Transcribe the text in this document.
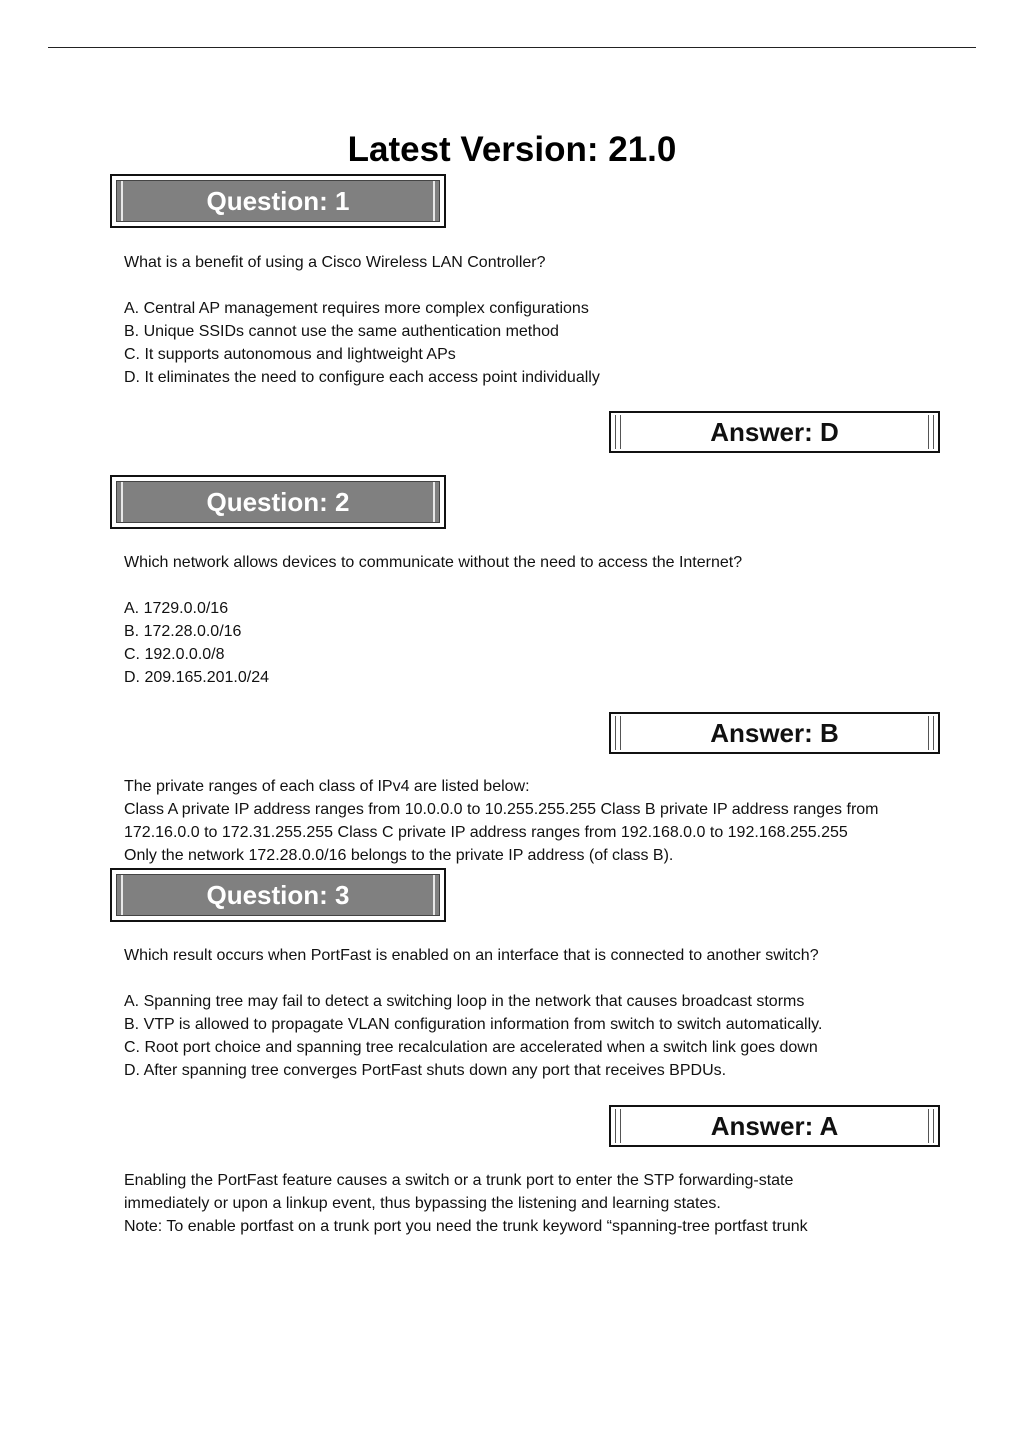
Latest Version: 21.0
Question: 1

What is a benefit of using a Cisco Wireless LAN Controller?

A. Central AP management requires more complex configurations

B. Unique SSIDs cannot use the same authentication method

C. It supports autonomous and lightweight APs

D. It eliminates the need to configure each access point individually

Answer: D
Question: 2

Which network allows devices to communicate without the need to access the Internet?

A. 1729.0.0/16

B. 172.28.0.0/16

C. 192.0.0.0/8

D. 209.165.201.0/24

Answer: B

The private ranges of each class of IPv4 are listed below:

Class A private IP address ranges from 10.0.0.0 to 10.255.255.255 Class B private IP address ranges from

172.16.0.0 to 172.31.255.255 Class C private IP address ranges from 192.168.0.0 to 192.168.255.255

Only the network 172.28.0.0/16 belongs to the private IP address (of class B).

Question: 3

Which result occurs when PortFast is enabled on an interface that is connected to another switch?

A. Spanning tree may fail to detect a switching loop in the network that causes broadcast storms

B. VTP is allowed to propagate VLAN configuration information from switch to switch automatically.

C. Root port choice and spanning tree recalculation are accelerated when a switch link goes down

D. After spanning tree converges PortFast shuts down any port that receives BPDUs.

Answer: A

Enabling the PortFast feature causes a switch or a trunk port to enter the STP forwarding-state

immediately or upon a linkup event, thus bypassing the listening and learning states.

Note: To enable portfast on a trunk port you need the trunk keyword “spanning-tree portfast trunk
